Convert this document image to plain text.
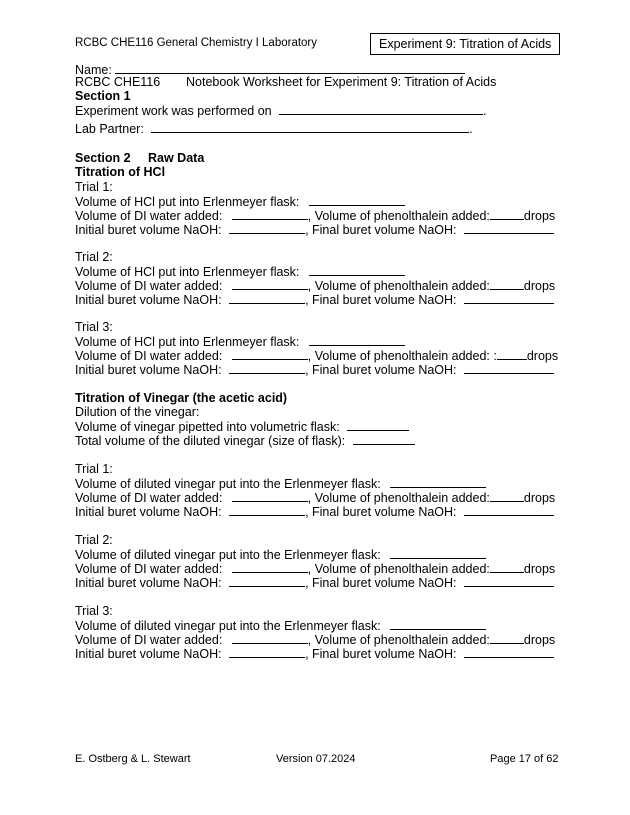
RCBC CHE116 General Chemistry I Laboratory	Experiment 9: Titration of Acids
Name:
RCBC CHE116 Notebook Worksheet for Experiment 9: Titration of Acids
Section 1
Experiment work was performed on	.
Lab Partner:	.
Section 2 Raw Data
Titration of HCl
Trial 1:
Volume of HCl put into Erlenmeyer flask:
Volume of DI water added:	, Volume of phenolthalein added:	drops
Initial buret volume NaOH:	, Final buret volume NaOH:
Trial 2:
Volume of HCl put into Erlenmeyer flask:
Volume of DI water added:	, Volume of phenolthalein added:	drops
Initial buret volume NaOH:	, Final buret volume NaOH:
Trial 3:
Volume of HCl put into Erlenmeyer flask:
Volume of DI water added:	, Volume of phenolthalein added: : drops
Initial buret volume NaOH:	, Final buret volume NaOH:
Titration of Vinegar (the acetic acid)
Dilution of the vinegar:
Volume of vinegar pipetted into volumetric flask:
Total volume of the diluted vinegar (size of flask):
Trial 1:
Volume of diluted vinegar put into the Erlenmeyer flask:
Volume of DI water added:	, Volume of phenolthalein added:	drops
Initial buret volume NaOH:	, Final buret volume NaOH:
Trial 2:
Volume of diluted vinegar put into the Erlenmeyer flask:
Volume of DI water added:	, Volume of phenolthalein added:	drops
Initial buret volume NaOH:	, Final buret volume NaOH:
Trial 3:
Volume of diluted vinegar put into the Erlenmeyer flask:
Volume of DI water added:	, Volume of phenolthalein added:	drops
Initial buret volume NaOH:	, Final buret volume NaOH:
E. Ostberg & L. Stewart	Version 07.2024	Page 17 of 62
